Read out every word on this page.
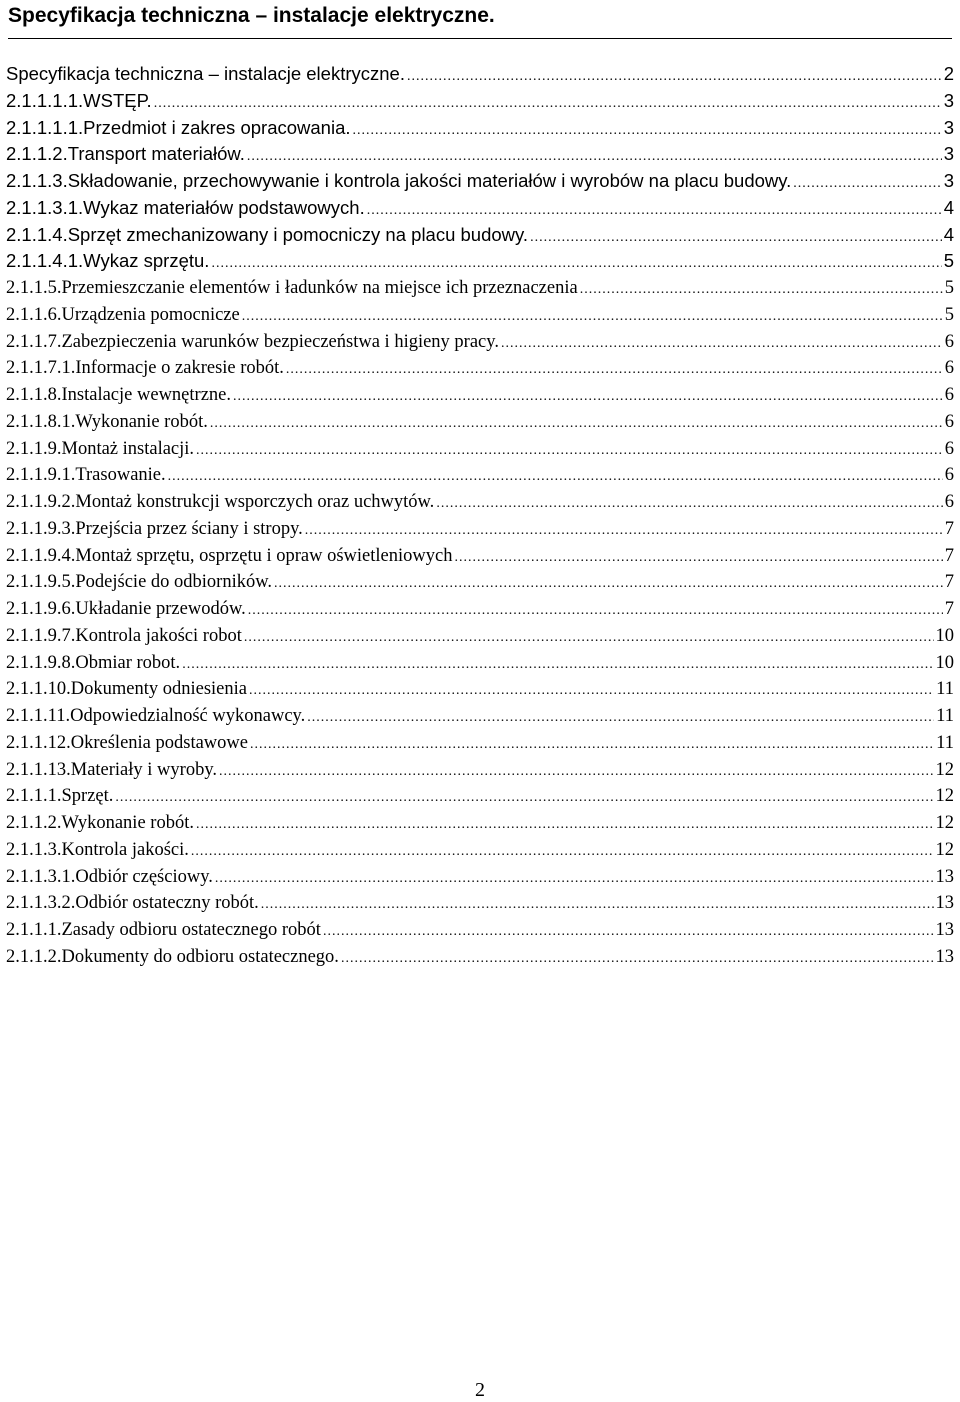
Specyfikacja techniczna – instalacje elektryczne.
Specyfikacja techniczna – instalacje elektryczne. .....	2
2.1.1.1.1. WSTĘP. .....	3
2.1.1.1.1. Przedmiot i zakres opracowania. .....	3
2.1.1.2. Transport materiałów. .....	3
2.1.1.3. Składowanie, przechowywanie i kontrola jakości materiałów i wyrobów na placu budowy. .....	3
2.1.1.3.1. Wykaz materiałów podstawowych. .....	4
2.1.1.4. Sprzęt zmechanizowany i pomocniczy na placu budowy. .....	4
2.1.1.4.1. Wykaz sprzętu. .....	5
2.1.1.5. Przemieszczanie elementów i ładunków na miejsce ich przeznaczenia .....	5
2.1.1.6. Urządzenia pomocnicze .....	5
2.1.1.7. Zabezpieczenia warunków bezpieczeństwa i higieny pracy. .....	6
2.1.1.7.1. Informacje o zakresie robót. .....	6
2.1.1.8. Instalacje wewnętrzne. .....	6
2.1.1.8.1. Wykonanie robót. .....	6
2.1.1.9. Montaż instalacji. .....	6
2.1.1.9.1. Trasowanie. .....	6
2.1.1.9.2. Montaż konstrukcji wsporczych oraz uchwytów. .....	6
2.1.1.9.3. Przejścia przez ściany i stropy. .....	7
2.1.1.9.4. Montaż sprzętu, osprzętu i opraw oświetleniowych .....	7
2.1.1.9.5. Podejście do odbiorników. .....	7
2.1.1.9.6. Układanie przewodów. .....	7
2.1.1.9.7. Kontrola jakości robot .....	10
2.1.1.9.8. Obmiar robot. .....	10
2.1.1.10. Dokumenty odniesienia .....	11
2.1.1.11. Odpowiedzialność wykonawcy. .....	11
2.1.1.12. Określenia podstawowe .....	11
2.1.1.13. Materiały i wyroby. .....	12
2.1.1.1. Sprzęt. .....	12
2.1.1.2. Wykonanie robót. .....	12
2.1.1.3. Kontrola jakości. .....	12
2.1.1.3.1. Odbiór częściowy. .....	13
2.1.1.3.2. Odbiór ostateczny robót. .....	13
2.1.1.1. Zasady odbioru ostatecznego robót .....	13
2.1.1.2. Dokumenty do odbioru ostatecznego. .....	13
2
